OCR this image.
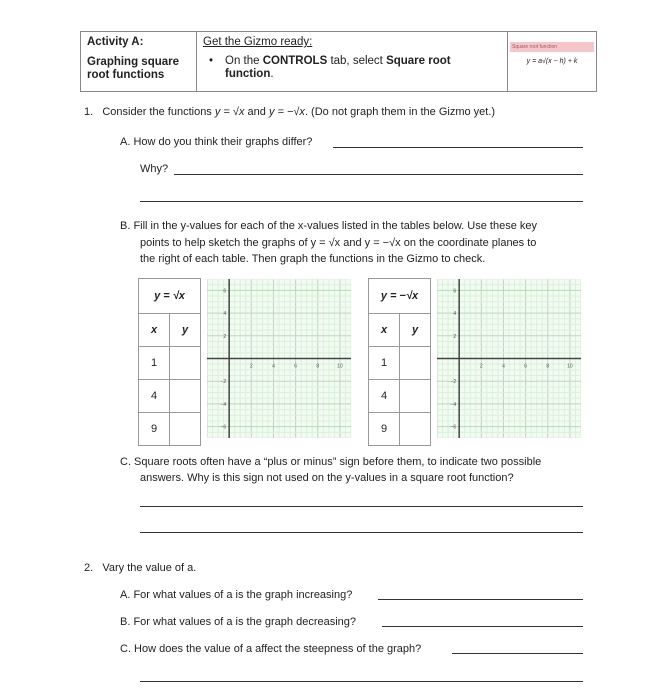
Activity A:
Graphing square
root functions
Get the Gizmo ready:
• On the CONTROLS tab, select Square root
function.
Square root function
y = a√(x − h) + k
1. Consider the functions y = √x and y = −√x. (Do not graph them in the Gizmo yet.)
A. How do you think their graphs differ?
Why?
B. Fill in the y-values for each of the x-values listed in the tables below. Use these key
points to help sketch the graphs of y = √x and y = −√x on the coordinate planes to
the right of each table. Then graph the functions in the Gizmo to check.
y = √x	
x	y
1	
4	
9	
2	4	6	8	10
6
4
2
−2
−4
−6
y = −√x	
x	y
1	
4	
9	
2	4	6	8	10
6
4
2
−2
−4
−6
C. Square roots often have a “plus or minus” sign before them, to indicate two possible
answers. Why is this sign not used on the y-values in a square root function?
2. Vary the value of a.
A. For what values of a is the graph increasing?
B. For what values of a is the graph decreasing?
C. How does the value of a affect the steepness of the graph?
